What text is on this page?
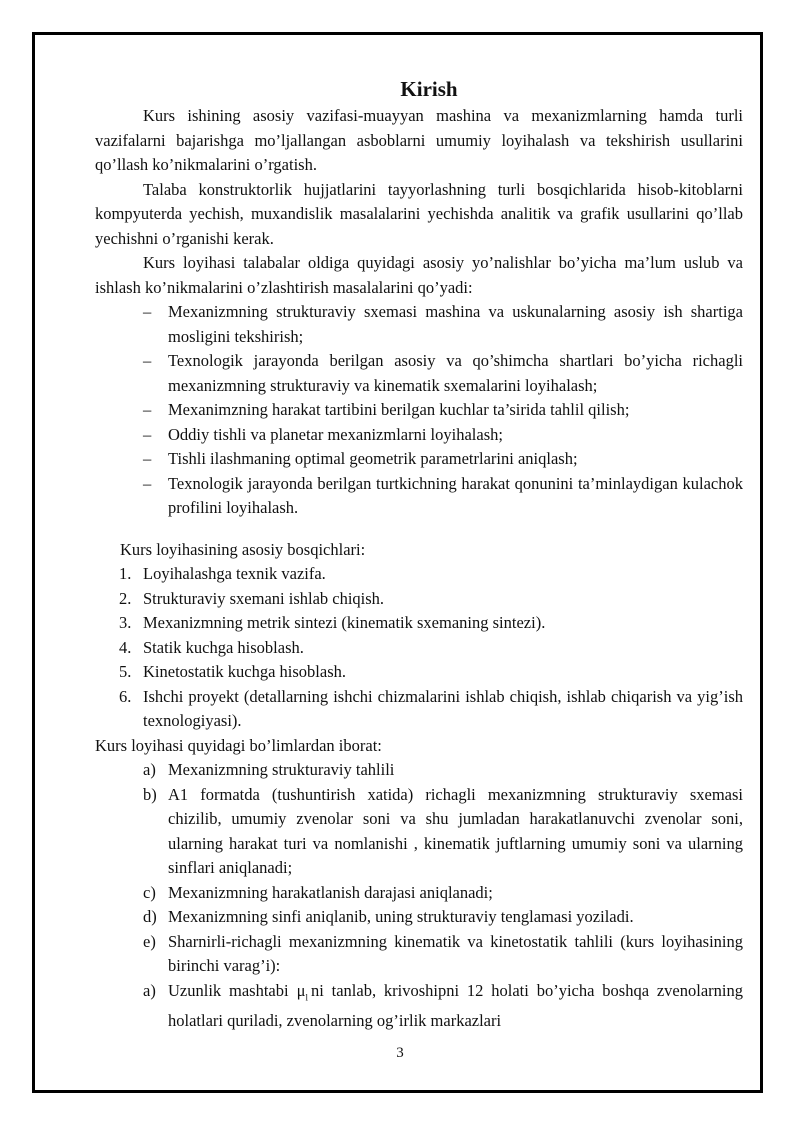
Kirish

Kurs ishining asosiy vazifasi-muayyan mashina va mexanizmlarning hamda turli vazifalarni bajarishga mo’ljallangan asboblarni umumiy loyihalash va tekshirish usullarini qo’llash ko’nikmalarini o’rgatish.

Talaba konstruktorlik hujjatlarini tayyorlashning turli bosqichlarida hisob-kitoblarni kompyuterda yechish, muxandislik masalalarini yechishda analitik va grafik usullarini qo’llab yechishni o’rganishi kerak.

Kurs loyihasi talabalar oldiga quyidagi asosiy yo’nalishlar bo’yicha ma’lum uslub va ishlash ko’nikmalarini o’zlashtirish masalalarini qo’yadi:

– Mexanizmning strukturaviy sxemasi mashina va uskunalarning asosiy ish shartiga mosligini tekshirish;
– Texnologik jarayonda berilgan asosiy va qo’shimcha shartlari bo’yicha richagli mexanizmning strukturaviy va kinematik sxemalarini loyihalash;
– Mexanimzning harakat tartibini berilgan kuchlar ta’sirida tahlil qilish;
– Oddiy tishli va planetar mexanizmlarni loyihalash;
– Tishli ilashmaning optimal geometrik parametrlarini aniqlash;
– Texnologik jarayonda berilgan turtkichning harakat qonunini ta’minlaydigan kulachok profilini loyihalash.

Kurs loyihasining asosiy bosqichlari:

1. Loyihalashga texnik vazifa.
2. Strukturaviy sxemani ishlab chiqish.
3. Mexanizmning metrik sintezi (kinematik sxemaning sintezi).
4. Statik kuchga hisoblash.
5. Kinetostatik kuchga hisoblash.
6. Ishchi proyekt (detallarning ishchi chizmalarini ishlab chiqish, ishlab chiqarish va yig’ish texnologiyasi).

Kurs loyihasi quyidagi bo’limlardan iborat:

a) Mexanizmning strukturaviy tahlili
b) A1 formatda (tushuntirish xatida) richagli mexanizmning strukturaviy sxemasi chizilib, umumiy zvenolar soni va shu jumladan harakatlanuvchi zvenolar soni, ularning harakat turi va nomlanishi , kinematik juftlarning umumiy soni va ularning sinflari aniqlanadi;
c) Mexanizmning harakatlanish darajasi aniqlanadi;
d) Mexanizmning sinfi aniqlanib, uning strukturaviy tenglamasi yoziladi.
e) Sharnirli-richagli mexanizmning kinematik va kinetostatik tahlili (kurs loyihasining birinchi varag’i):
a) Uzunlik mashtabi $\mu_l$ ni tanlab, krivoshipni 12 holati bo’yicha boshqa zvenolarning holatlari quriladi, zvenolarning og’irlik markazlari
3
